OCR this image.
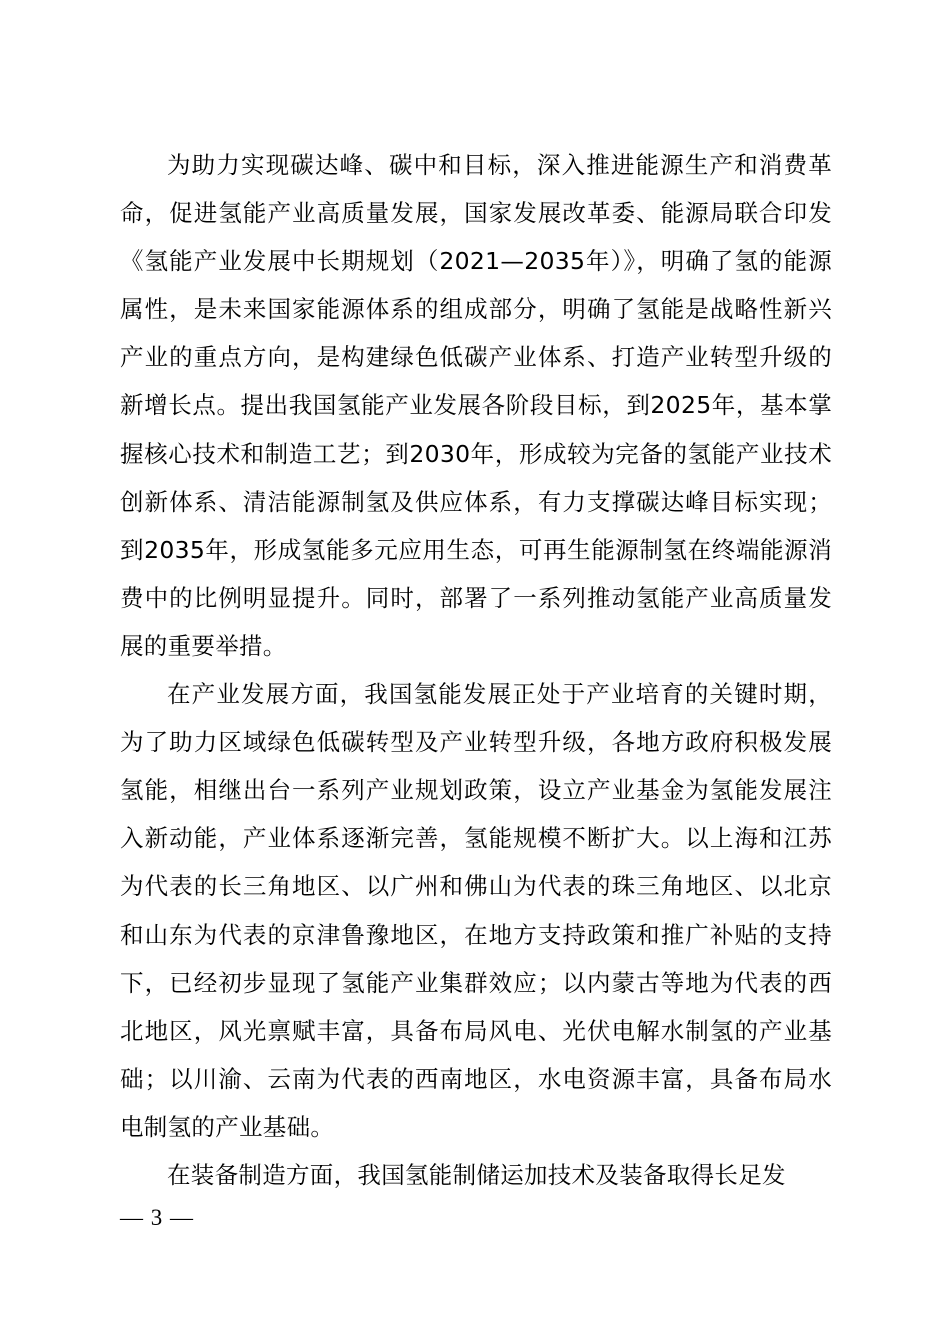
为助力实现碳达峰、碳中和目标，深入推进能源生产和消费革命，促进氢能产业高质量发展，国家发展改革委、能源局联合印发《氢能产业发展中长期规划（2021—2035年）》，明确了氢的能源属性，是未来国家能源体系的组成部分，明确了氢能是战略性新兴产业的重点方向，是构建绿色低碳产业体系、打造产业转型升级的新增长点。提出我国氢能产业发展各阶段目标，到2025年，基本掌握核心技术和制造工艺；到2030年，形成较为完备的氢能产业技术创新体系、清洁能源制氢及供应体系，有力支撑碳达峰目标实现；到2035年，形成氢能多元应用生态，可再生能源制氢在终端能源消费中的比例明显提升。同时，部署了一系列推动氢能产业高质量发展的重要举措。

在产业发展方面，我国氢能发展正处于产业培育的关键时期，为了助力区域绿色低碳转型及产业转型升级，各地方政府积极发展氢能，相继出台一系列产业规划政策，设立产业基金为氢能发展注入新动能，产业体系逐渐完善，氢能规模不断扩大。以上海和江苏为代表的长三角地区、以广州和佛山为代表的珠三角地区、以北京和山东为代表的京津鲁豫地区，在地方支持政策和推广补贴的支持下，已经初步显现了氢能产业集群效应；以内蒙古等地为代表的西北地区，风光禀赋丰富，具备布局风电、光伏电解水制氢的产业基础；以川渝、云南为代表的西南地区，水电资源丰富，具备布局水电制氢的产业基础。

在装备制造方面，我国氢能制储运加技术及装备取得长足发

— 3 —
